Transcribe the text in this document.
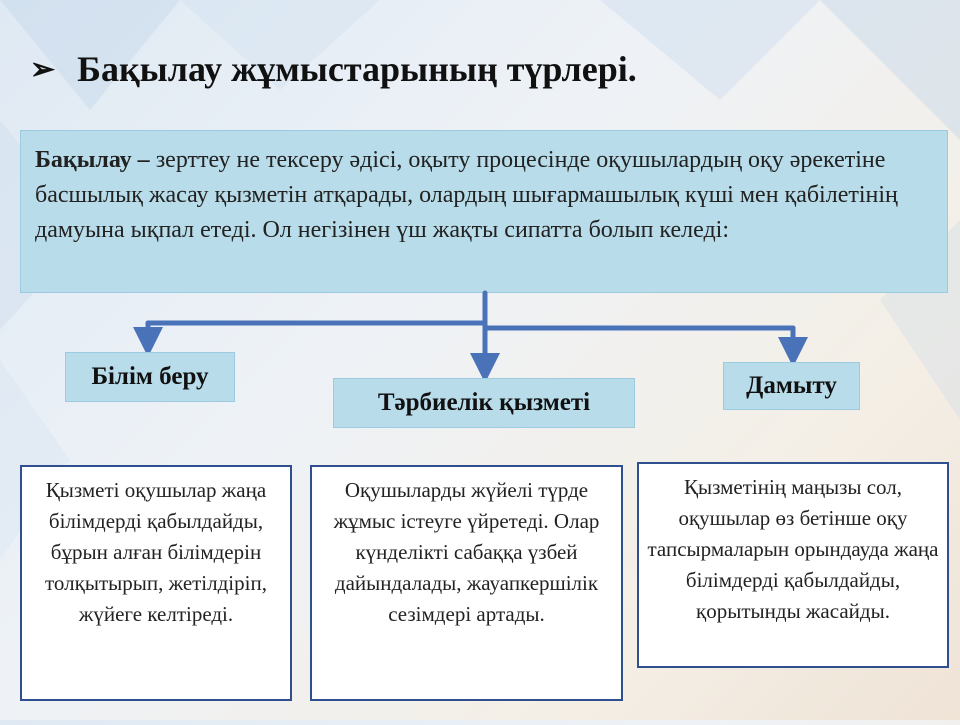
➢ Бақылау жұмыстарының түрлері.
Бақылау – зерттеу не тексеру әдісі, оқыту процесінде оқушылардың оқу әрекетіне басшылық жасау қызметін атқарады, олардың шығармашылық күші мен қабілетінің дамуына ықпал етеді. Ол негізінен үш жақты сипатта болып келеді:
Білім беру
Тәрбиелік қызметі
Дамыту
Қызметі оқушылар жаңа білімдерді қабылдайды, бұрын алған білімдерін толқытырып, жетілдіріп, жүйеге келтіреді.
Оқушыларды жүйелі түрде жұмыс істеуге үйретеді. Олар күнделікті сабаққа үзбей дайындалады, жауапкершілік сезімдері артады.
Қызметінің маңызы сол, оқушылар өз бетінше оқу тапсырмаларын орындауда жаңа білімдерді қабылдайды, қорытынды жасайды.
